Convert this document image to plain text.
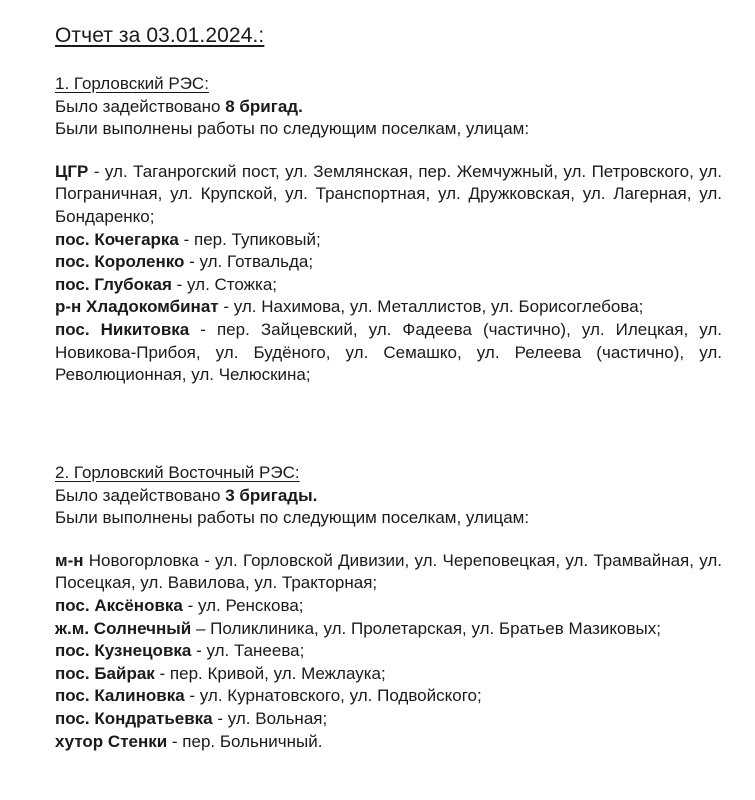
Отчет за 03.01.2024.:
1. Горловский РЭС:
Было задействовано 8 бригад.
Были выполнены работы по следующим поселкам, улицам:
ЦГР - ул. Таганрогский пост, ул. Землянская, пер. Жемчужный, ул. Петровского, ул. Пограничная, ул. Крупской, ул. Транспортная, ул. Дружковская, ул. Лагерная, ул. Бондаренко;
пос. Кочегарка - пер. Тупиковый;
пос. Короленко - ул. Готвальда;
пос. Глубокая - ул. Стожка;
р-н Хладокомбинат - ул. Нахимова, ул. Металлистов, ул. Борисоглебова;
пос. Никитовка - пер. Зайцевский, ул. Фадеева (частично), ул. Илецкая, ул. Новикова-Прибоя, ул. Будёного, ул. Семашко, ул. Релеева (частично), ул. Революционная, ул. Челюскина;
2. Горловский Восточный РЭС:
Было задействовано 3 бригады.
Были выполнены работы по следующим поселкам, улицам:
м-н Новогорловка - ул. Горловской Дивизии, ул. Череповецкая, ул. Трамвайная, ул. Посецкая, ул. Вавилова, ул. Тракторная;
пос. Аксёновка - ул. Ренскова;
ж.м. Солнечный – Поликлиника, ул. Пролетарская, ул. Братьев Мазиковых;
пос. Кузнецовка - ул. Танеева;
пос. Байрак - пер. Кривой, ул. Межлаука;
пос. Калиновка - ул. Курнатовского, ул. Подвойского;
пос. Кондратьевка - ул. Вольная;
хутор Стенки - пер. Больничный.
